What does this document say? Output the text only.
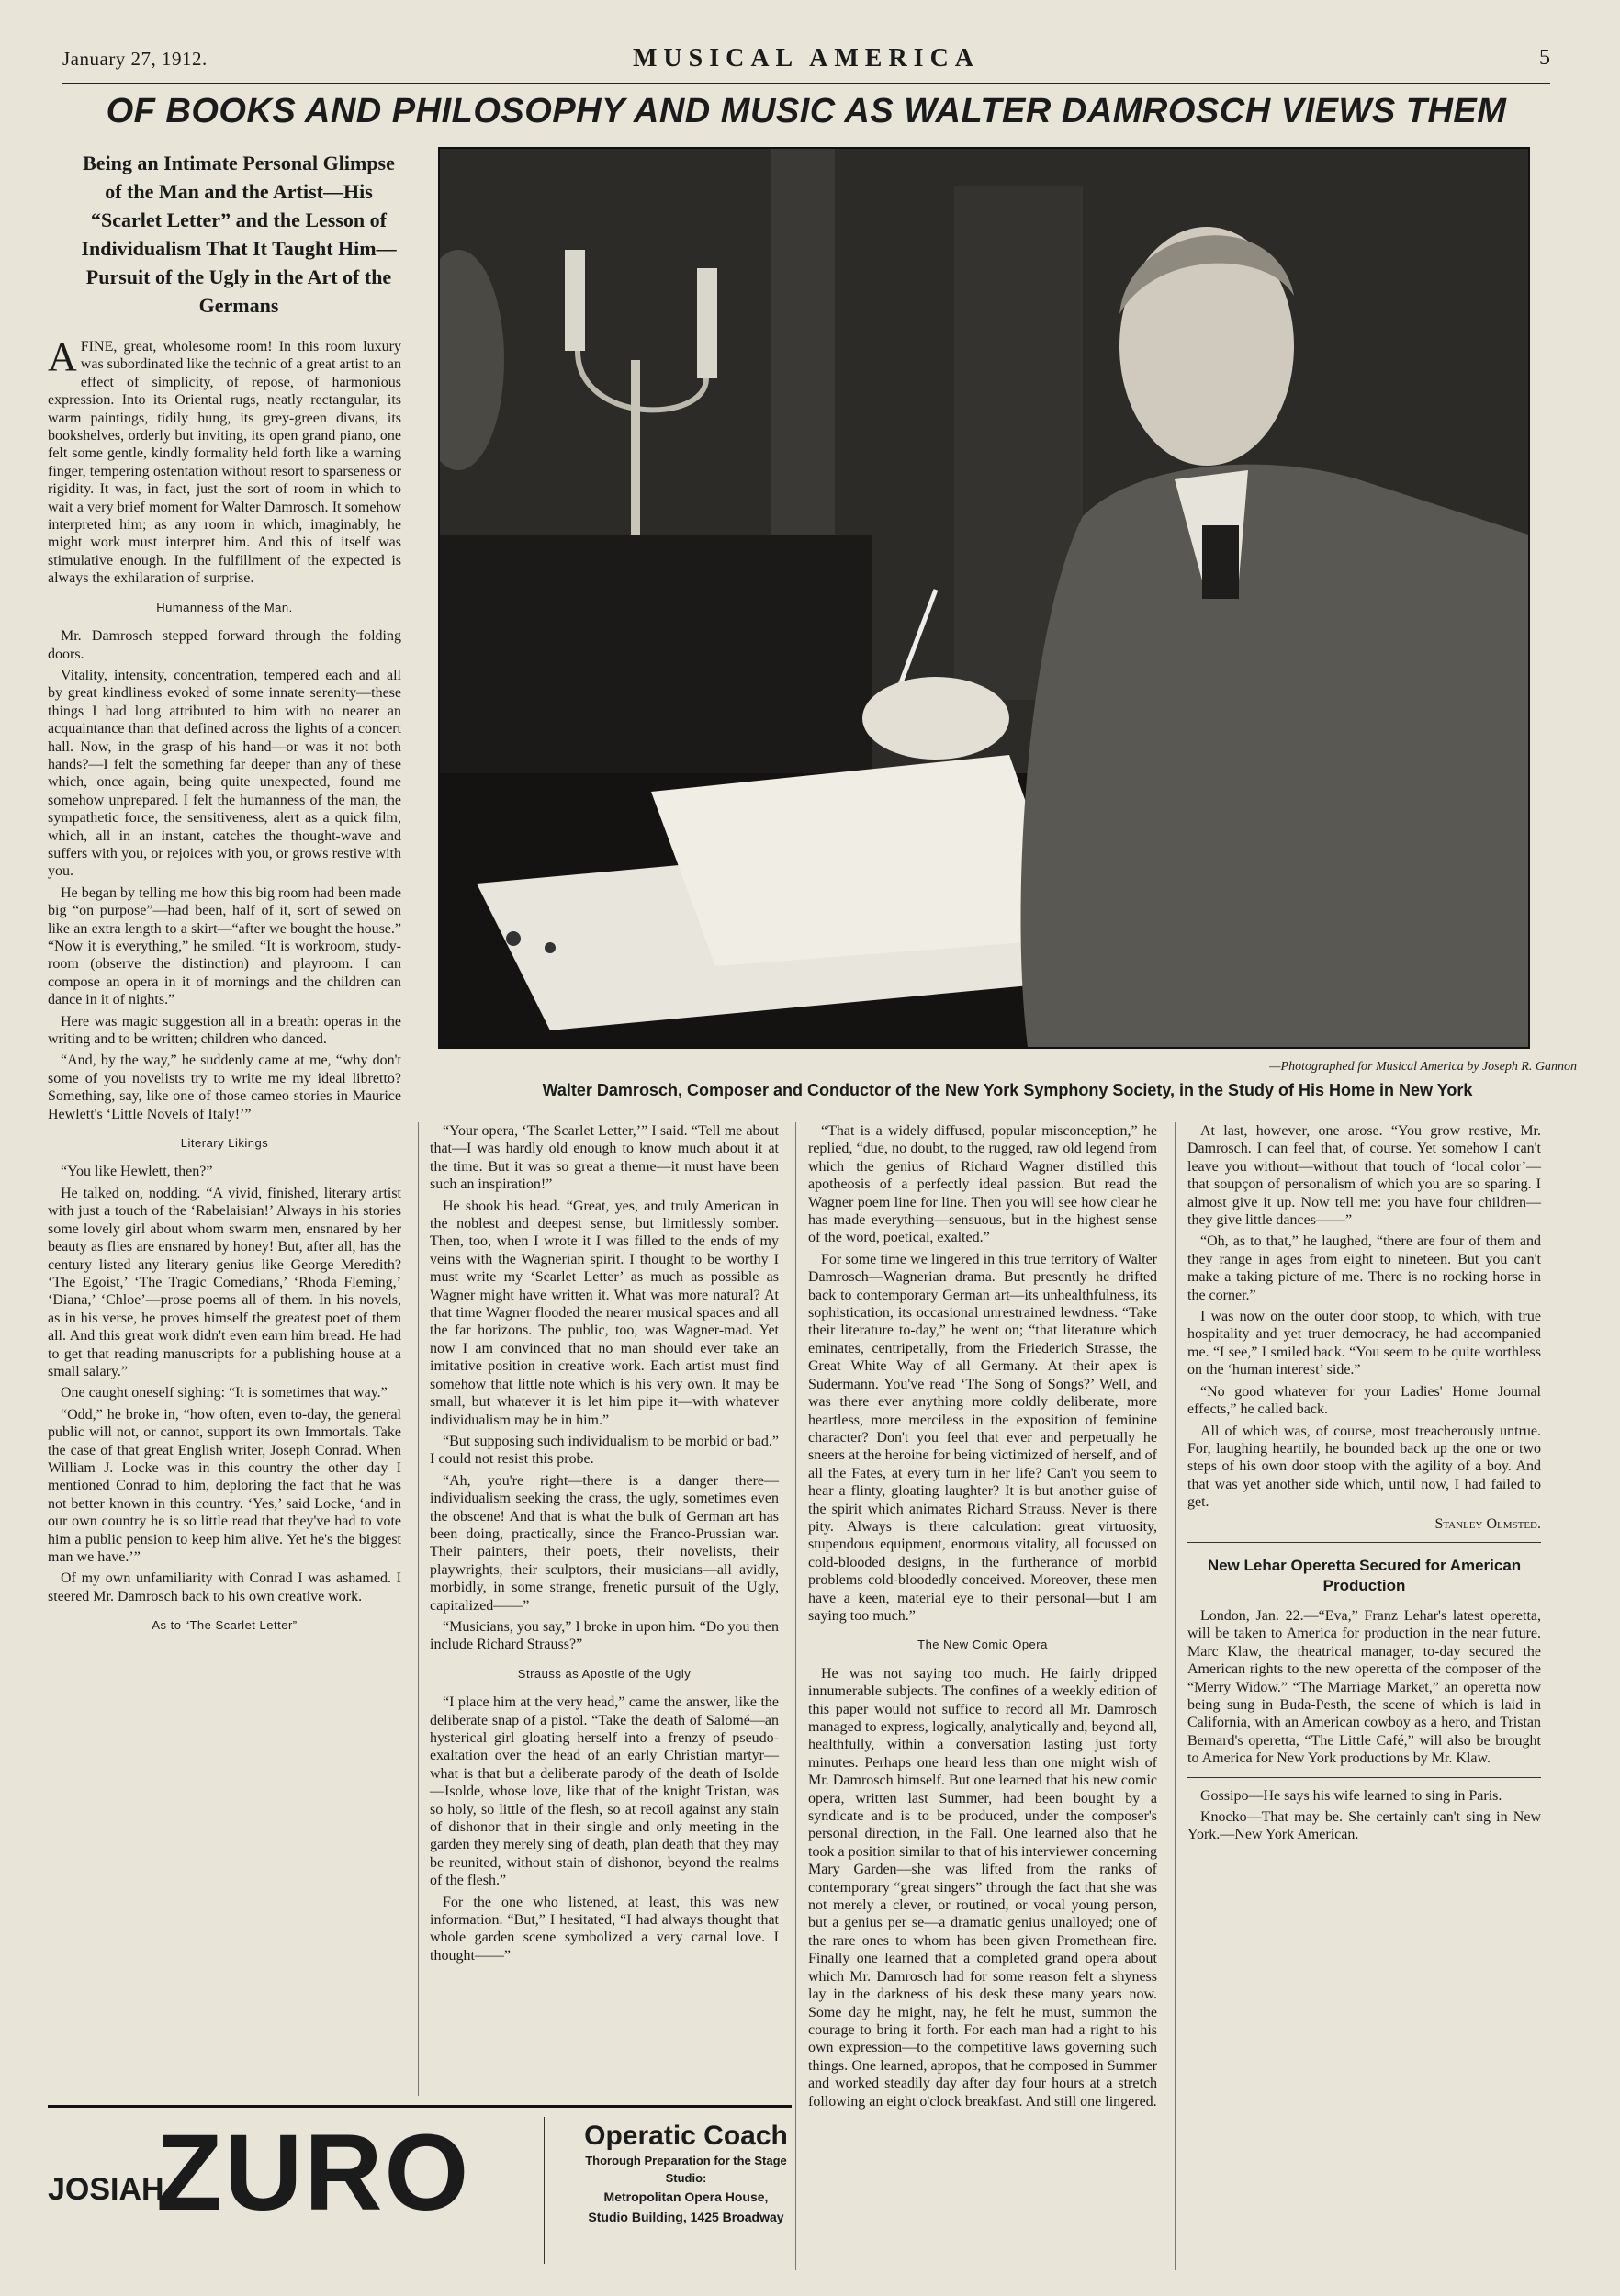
January 27, 1912.	MUSICAL AMERICA	5
OF BOOKS AND PHILOSOPHY AND MUSIC AS WALTER DAMROSCH VIEWS THEM
Being an Intimate Personal Glimpse of the Man and the Artist—His “Scarlet Letter” and the Lesson of Individualism That It Taught Him—Pursuit of the Ugly in the Art of the Germans
—Photographed for Musical America by Joseph R. Gannon
Walter Damrosch, Composer and Conductor of the New York Symphony Society, in the Study of His Home in New York

A FINE, great, wholesome room! In this room luxury was subordinated like the technic of a great artist to an effect of simplicity, of repose, of harmonious expression. Into its Oriental rugs, neatly rectangular, its warm paintings, tidily hung, its grey-green divans, its bookshelves, orderly but inviting, its open grand piano, one felt some gentle, kindly formality held forth like a warning finger, tempering ostentation without resort to sparseness or rigidity. It was, in fact, just the sort of room in which to wait a very brief moment for Walter Damrosch. It somehow interpreted him; as any room in which, imaginably, he might work must interpret him. And this of itself was stimulative enough. In the fulfillment of the expected is always the exhilaration of surprise.

Humanness of the Man.

Mr. Damrosch stepped forward through the folding doors.

Vitality, intensity, concentration, tempered each and all by great kindliness evoked of some innate serenity—these things I had long attributed to him with no nearer an acquaintance than that defined across the lights of a concert hall. Now, in the grasp of his hand—or was it not both hands?—I felt the something far deeper than any of these which, once again, being quite unexpected, found me somehow unprepared. I felt the humanness of the man, the sympathetic force, the sensitiveness, alert as a quick film, which, all in an instant, catches the thought-wave and suffers with you, or rejoices with you, or grows restive with you.

He began by telling me how this big room had been made big “on purpose”—had been, half of it, sort of sewed on like an extra length to a skirt—“after we bought the house.” “Now it is everything,” he smiled. “It is workroom, study-room (observe the distinction) and playroom. I can compose an opera in it of mornings and the children can dance in it of nights.”

Here was magic suggestion all in a breath: operas in the writing and to be written; children who danced.

“And, by the way,” he suddenly came at me, “why don't some of you novelists try to write me my ideal libretto? Something, say, like one of those cameo stories in Maurice Hewlett's ‘Little Novels of Italy!’”

Literary Likings

“You like Hewlett, then?”

He talked on, nodding. “A vivid, finished, literary artist with just a touch of the ‘Rabelaisian!’ Always in his stories some lovely girl about whom swarm men, ensnared by her beauty as flies are ensnared by honey! But, after all, has the century listed any literary genius like George Meredith? ‘The Egoist,’ ‘The Tragic Comedians,’ ‘Rhoda Fleming,’ ‘Diana,’ ‘Chloe’—prose poems all of them. In his novels, as in his verse, he proves himself the greatest poet of them all. And this great work didn't even earn him bread. He had to get that reading manuscripts for a publishing house at a small salary.”

One caught oneself sighing: “It is sometimes that way.”

“Odd,” he broke in, “how often, even to-day, the general public will not, or cannot, support its own Immortals. Take the case of that great English writer, Joseph Conrad. When William J. Locke was in this country the other day I mentioned Conrad to him, deploring the fact that he was not better known in this country. ‘Yes,’ said Locke, ‘and in our own country he is so little read that they've had to vote him a public pension to keep him alive. Yet he's the biggest man we have.’”

Of my own unfamiliarity with Conrad I was ashamed. I steered Mr. Damrosch back to his own creative work.

As to “The Scarlet Letter”

“Your opera, ‘The Scarlet Letter,’” I said. “Tell me about that—I was hardly old enough to know much about it at the time. But it was so great a theme—it must have been such an inspiration!”

He shook his head. “Great, yes, and truly American in the noblest and deepest sense, but limitlessly somber. Then, too, when I wrote it I was filled to the ends of my veins with the Wagnerian spirit. I thought to be worthy I must write my ‘Scarlet Letter’ as much as possible as Wagner might have written it. What was more natural? At that time Wagner flooded the nearer musical spaces and all the far horizons. The public, too, was Wagner-mad. Yet now I am convinced that no man should ever take an imitative position in creative work. Each artist must find somehow that little note which is his very own. It may be small, but whatever it is let him pipe it—with whatever individualism may be in him.”

“But supposing such individualism to be morbid or bad.” I could not resist this probe.

“Ah, you're right—there is a danger there—individualism seeking the crass, the ugly, sometimes even the obscene! And that is what the bulk of German art has been doing, practically, since the Franco-Prussian war. Their painters, their poets, their novelists, their playwrights, their sculptors, their musicians—all avidly, morbidly, in some strange, frenetic pursuit of the Ugly, capitalized——”

“Musicians, you say,” I broke in upon him. “Do you then include Richard Strauss?”

Strauss as Apostle of the Ugly

“I place him at the very head,” came the answer, like the deliberate snap of a pistol. “Take the death of Salomé—an hysterical girl gloating herself into a frenzy of pseudo-exaltation over the head of an early Christian martyr—what is that but a deliberate parody of the death of Isolde—Isolde, whose love, like that of the knight Tristan, was so holy, so little of the flesh, so at recoil against any stain of dishonor that in their single and only meeting in the garden they merely sing of death, plan death that they may be reunited, without stain of dishonor, beyond the realms of the flesh.”

For the one who listened, at least, this was new information. “But,” I hesitated, “I had always thought that whole garden scene symbolized a very carnal love. I thought——”

“That is a widely diffused, popular misconception,” he replied, “due, no doubt, to the rugged, raw old legend from which the genius of Richard Wagner distilled this apotheosis of a perfectly ideal passion. But read the Wagner poem line for line. Then you will see how clear he has made everything—sensuous, but in the highest sense of the word, poetical, exalted.”

For some time we lingered in this true territory of Walter Damrosch—Wagnerian drama. But presently he drifted back to contemporary German art—its unhealthfulness, its sophistication, its occasional unrestrained lewdness. “Take their literature to-day,” he went on; “that literature which eminates, centripetally, from the Friederich Strasse, the Great White Way of all Germany. At their apex is Sudermann. You've read ‘The Song of Songs?’ Well, and was there ever anything more coldly deliberate, more heartless, more merciless in the exposition of feminine character? Don't you feel that ever and perpetually he sneers at the heroine for being victimized of herself, and of all the Fates, at every turn in her life? Can't you seem to hear a flinty, gloating laughter? It is but another guise of the spirit which animates Richard Strauss. Never is there pity. Always is there calculation: great virtuosity, stupendous equipment, enormous vitality, all focussed on cold-blooded designs, in the furtherance of morbid problems cold-bloodedly conceived. Moreover, these men have a keen, material eye to their personal—but I am saying too much.”

The New Comic Opera

He was not saying too much. He fairly dripped innumerable subjects. The confines of a weekly edition of this paper would not suffice to record all Mr. Damrosch managed to express, logically, analytically and, beyond all, healthfully, within a conversation lasting just forty minutes. Perhaps one heard less than one might wish of Mr. Damrosch himself. But one learned that his new comic opera, written last Summer, had been bought by a syndicate and is to be produced, under the composer's personal direction, in the Fall. One learned also that he took a position similar to that of his interviewer concerning Mary Garden—she was lifted from the ranks of contemporary “great singers” through the fact that she was not merely a clever, or routined, or vocal young person, but a genius per se—a dramatic genius unalloyed; one of the rare ones to whom has been given Promethean fire. Finally one learned that a completed grand opera about which Mr. Damrosch had for some reason felt a shyness lay in the darkness of his desk these many years now. Some day he might, nay, he felt he must, summon the courage to bring it forth. For each man had a right to his own expression—to the competitive laws governing such things. One learned, apropos, that he composed in Summer and worked steadily day after day four hours at a stretch following an eight o'clock breakfast. And still one lingered.

At last, however, one arose. “You grow restive, Mr. Damrosch. I can feel that, of course. Yet somehow I can't leave you without—without that touch of ‘local color’—that soupçon of personalism of which you are so sparing. I almost give it up. Now tell me: you have four children—they give little dances——”

“Oh, as to that,” he laughed, “there are four of them and they range in ages from eight to nineteen. But you can't make a taking picture of me. There is no rocking horse in the corner.”

I was now on the outer door stoop, to which, with true hospitality and yet truer democracy, he had accompanied me. “I see,” I smiled back. “You seem to be quite worthless on the ‘human interest’ side.”

“No good whatever for your Ladies' Home Journal effects,” he called back.

All of which was, of course, most treacherously untrue. For, laughing heartily, he bounded back up the one or two steps of his own door stoop with the agility of a boy. And that was yet another side which, until now, I had failed to get.

Stanley Olmsted.
New Lehar Operetta Secured for American Production

London, Jan. 22.—“Eva,” Franz Lehar's latest operetta, will be taken to America for production in the near future. Marc Klaw, the theatrical manager, to-day secured the American rights to the new operetta of the composer of the “Merry Widow.” “The Marriage Market,” an operetta now being sung in Buda-Pesth, the scene of which is laid in California, with an American cowboy as a hero, and Tristan Bernard's operetta, “The Little Café,” will also be brought to America for New York productions by Mr. Klaw.

Gossipo—He says his wife learned to sing in Paris.

Knocko—That may be. She certainly can't sing in New York.—New York American.

JOSIAH
ZURO	Operatic Coach
Thorough Preparation for the Stage
Studio:
Metropolitan Opera House,
Studio Building, 1425 Broadway
